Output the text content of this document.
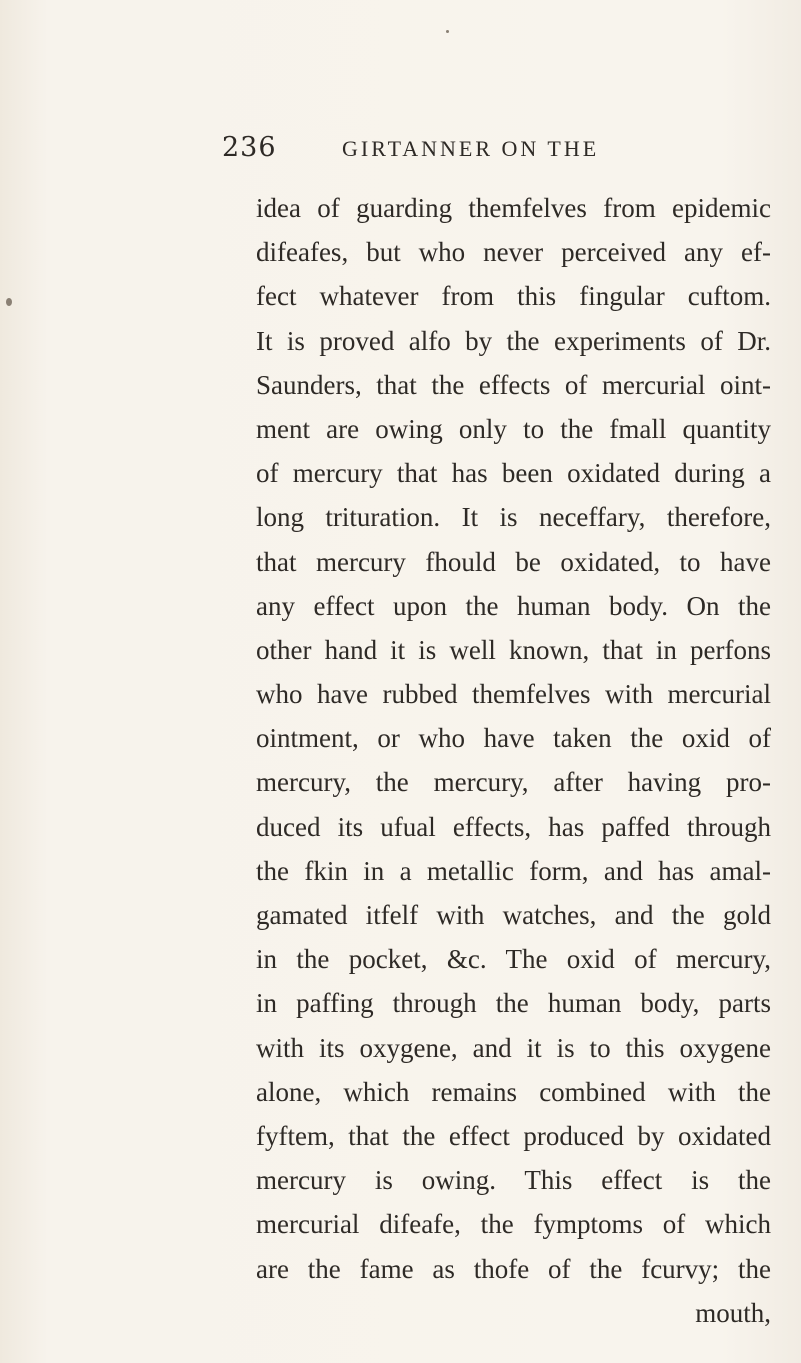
236	GIRTANNER ON THE
idea of guarding themfelves from epidemic
difeafes, but who never perceived any ef-
fect whatever from this fingular cuftom.
It is proved alfo by the experiments of Dr.
Saunders, that the effects of mercurial oint-
ment are owing only to the fmall quantity
of mercury that has been oxidated during a
long trituration. It is neceffary, therefore,
that mercury fhould be oxidated, to have
any effect upon the human body. On the
other hand it is well known, that in perfons
who have rubbed themfelves with mercurial
ointment, or who have taken the oxid of
mercury, the mercury, after having pro-
duced its ufual effects, has paffed through
the fkin in a metallic form, and has amal-
gamated itfelf with watches, and the gold
in the pocket, &c. The oxid of mercury,
in paffing through the human body, parts
with its oxygene, and it is to this oxygene
alone, which remains combined with the
fyftem, that the effect produced by oxidated
mercury is owing. This effect is the
mercurial difeafe, the fymptoms of which
are the fame as thofe of the fcurvy; the
mouth,
